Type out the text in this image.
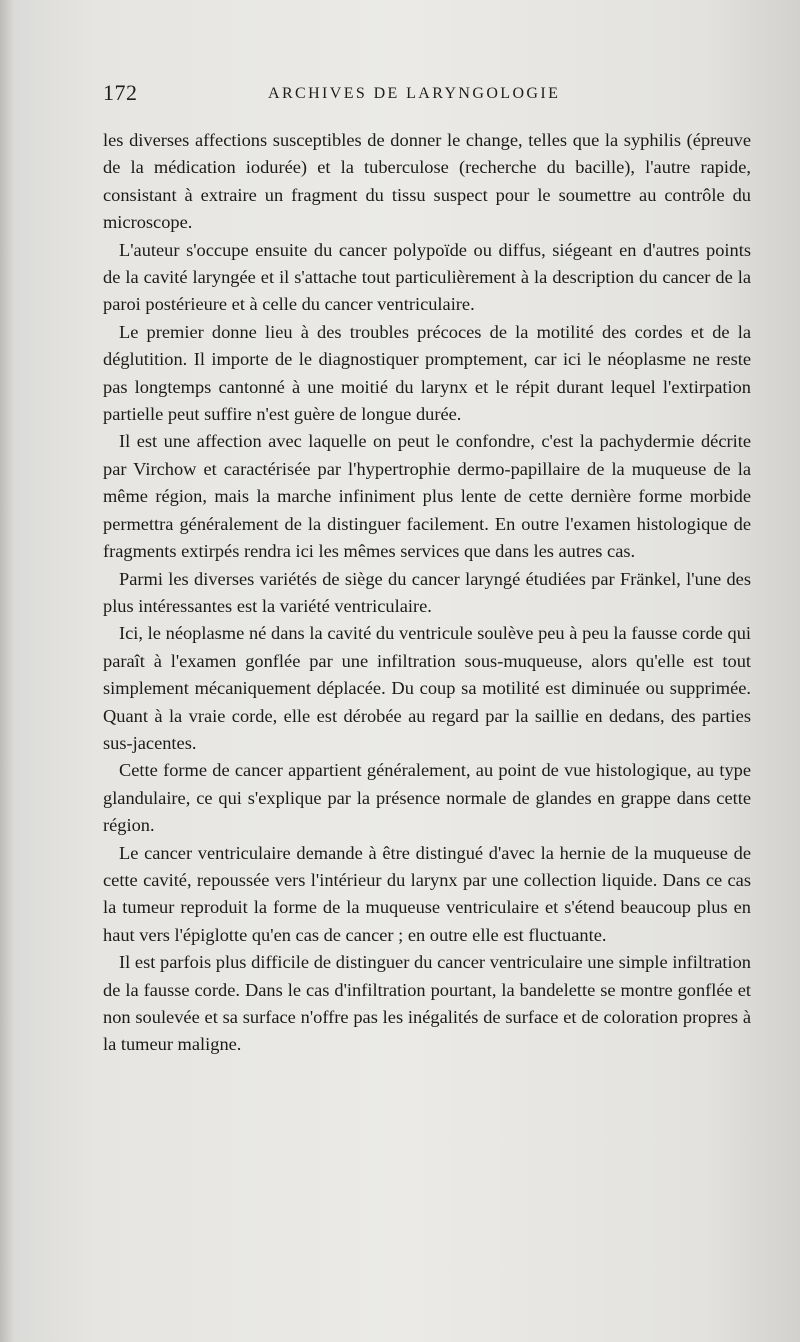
172	ARCHIVES DE LARYNGOLOGIE

les diverses affections susceptibles de donner le change, telles que la syphilis (épreuve de la médication iodurée) et la tuberculose (recherche du bacille), l'autre rapide, consistant à extraire un fragment du tissu suspect pour le soumettre au contrôle du microscope.

L'auteur s'occupe ensuite du cancer polypoïde ou diffus, siégeant en d'autres points de la cavité laryngée et il s'attache tout particulièrement à la description du cancer de la paroi postérieure et à celle du cancer ventriculaire.

Le premier donne lieu à des troubles précoces de la motilité des cordes et de la déglutition. Il importe de le diagnostiquer promptement, car ici le néoplasme ne reste pas longtemps cantonné à une moitié du larynx et le répit durant lequel l'extirpation partielle peut suffire n'est guère de longue durée.

Il est une affection avec laquelle on peut le confondre, c'est la pachydermie décrite par Virchow et caractérisée par l'hypertrophie dermo-papillaire de la muqueuse de la même région, mais la marche infiniment plus lente de cette dernière forme morbide permettra généralement de la distinguer facilement. En outre l'examen histologique de fragments extirpés rendra ici les mêmes services que dans les autres cas.

Parmi les diverses variétés de siège du cancer laryngé étudiées par Fränkel, l'une des plus intéressantes est la variété ventriculaire.

Ici, le néoplasme né dans la cavité du ventricule soulève peu à peu la fausse corde qui paraît à l'examen gonflée par une infiltration sous-muqueuse, alors qu'elle est tout simplement mécaniquement déplacée. Du coup sa motilité est diminuée ou supprimée. Quant à la vraie corde, elle est dérobée au regard par la saillie en dedans, des parties sus-jacentes.

Cette forme de cancer appartient généralement, au point de vue histologique, au type glandulaire, ce qui s'explique par la présence normale de glandes en grappe dans cette région.

Le cancer ventriculaire demande à être distingué d'avec la hernie de la muqueuse de cette cavité, repoussée vers l'intérieur du larynx par une collection liquide. Dans ce cas la tumeur reproduit la forme de la muqueuse ventriculaire et s'étend beaucoup plus en haut vers l'épiglotte qu'en cas de cancer ; en outre elle est fluctuante.

Il est parfois plus difficile de distinguer du cancer ventriculaire une simple infiltration de la fausse corde. Dans le cas d'infiltration pourtant, la bandelette se montre gonflée et non soulevée et sa surface n'offre pas les inégalités de surface et de coloration propres à la tumeur maligne.
